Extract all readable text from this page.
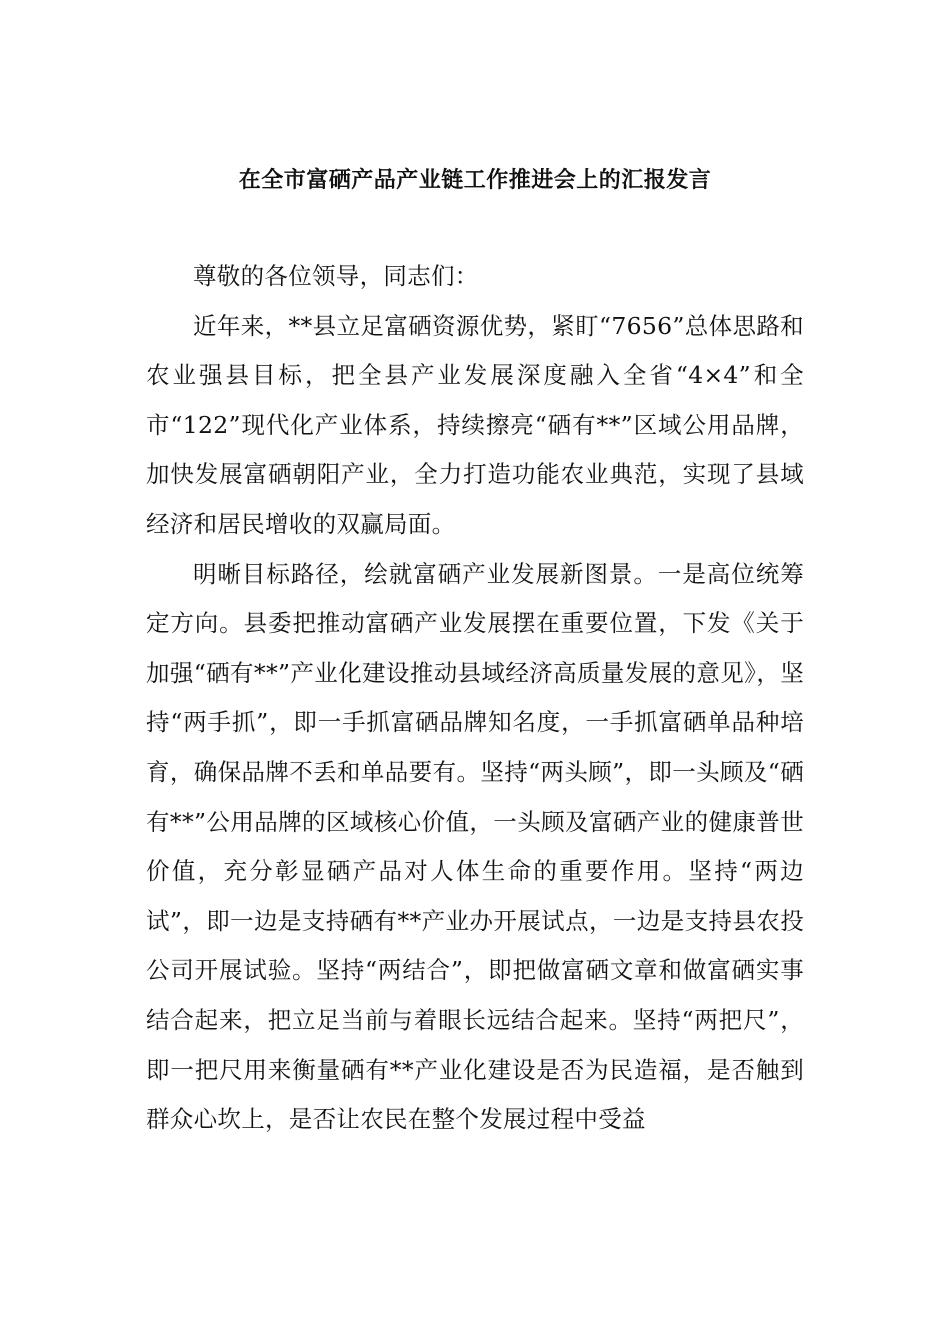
在全市富硒产品产业链工作推进会上的汇报发言

尊敬的各位领导，同志们：

近年来，**县立足富硒资源优势，紧盯“7656”总体思路和农业强县目标，把全县产业发展深度融入全省“4×4”和全市“122”现代化产业体系，持续擦亮“硒有**”区域公用品牌，加快发展富硒朝阳产业，全力打造功能农业典范，实现了县域经济和居民增收的双赢局面。

明晰目标路径，绘就富硒产业发展新图景。一是高位统筹定方向。县委把推动富硒产业发展摆在重要位置，下发《关于加强“硒有**”产业化建设推动县域经济高质量发展的意见》，坚持“两手抓”，即一手抓富硒品牌知名度，一手抓富硒单品种培育，确保品牌不丢和单品要有。坚持“两头顾”，即一头顾及“硒有**”公用品牌的区域核心价值，一头顾及富硒产业的健康普世价值，充分彰显硒产品对人体生命的重要作用。坚持“两边试”，即一边是支持硒有**产业办开展试点，一边是支持县农投公司开展试验。坚持“两结合”，即把做富硒文章和做富硒实事结合起来，把立足当前与着眼长远结合起来。坚持“两把尺”，即一把尺用来衡量硒有**产业化建设是否为民造福，是否触到群众心坎上，是否让农民在整个发展过程中受益
